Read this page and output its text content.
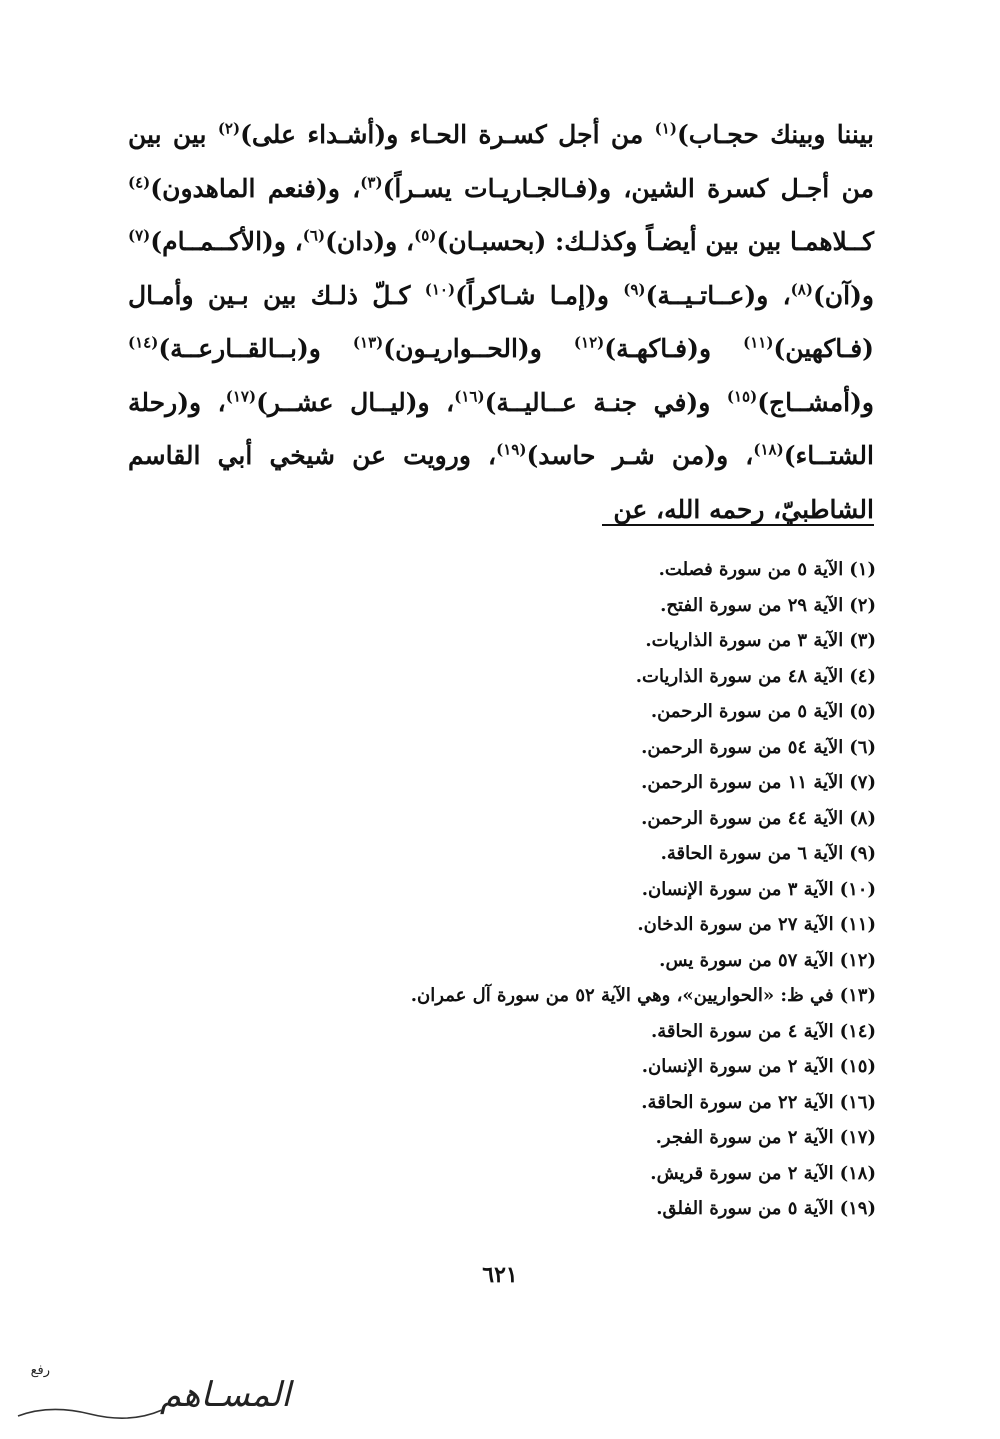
بيننا وبينك حجـاب)$^{(١)}$ من أجل كسـرة الحـاء و(أشـداء على)$^{(٢)}$ بين بين من أجـل كسرة الشين، و(فـالجـاريـات يسـراً)$^{(٣)}$، و(فنعم الماهدون)$^{(٤)}$ كــلاهمـا بين بين أيضـاً وكذلـك: (بحسبـان)$^{(٥)}$، و(دان)$^{(٦)}$، و(الأكــمــام)$^{(٧)}$ و(آن)$^{(٨)}$، و(عــاتـيــة)$^{(٩)}$ و(إمـا شـاكراً)$^{(١٠)}$ كـلّ ذلـك بين بـين وأمـال (فـاكهين)$^{(١١)}$ و(فـاكهـة)$^{(١٢)}$ و(الحــواريـون)$^{(١٣)}$ و(بــالقــارعــة)$^{(١٤)}$ و(أمشــاج)$^{(١٥)}$ و(في جنـة عــاليــة)$^{(١٦)}$، و(ليــال عشــر)$^{(١٧)}$، و(رحلة الشتــاء)$^{(١٨)}$، و(من شـر حاسد)$^{(١٩)}$، ورويت عن شيخي أبي القاسم الشاطبيّ، رحمه الله، عن
(١)الآية ٥ من سورة فصلت.
(٢)الآية ٢٩ من سورة الفتح.
(٣)الآية ٣ من سورة الذاريات.
(٤)الآية ٤٨ من سورة الذاريات.
(٥)الآية ٥ من سورة الرحمن.
(٦)الآية ٥٤ من سورة الرحمن.
(٧)الآية ١١ من سورة الرحمن.
(٨)الآية ٤٤ من سورة الرحمن.
(٩)الآية ٦ من سورة الحاقة.
(١٠)الآية ٣ من سورة الإنسان.
(١١)الآية ٢٧ من سورة الدخان.
(١٢)الآية ٥٧ من سورة يس.
(١٣)في ظ: «الحواريين»، وهي الآية ٥٢ من سورة آل عمران.
(١٤)الآية ٤ من سورة الحاقة.
(١٥)الآية ٢ من سورة الإنسان.
(١٦)الآية ٢٢ من سورة الحاقة.
(١٧)الآية ٢ من سورة الفجر.
(١٨)الآية ٢ من سورة قريش.
(١٩)الآية ٥ من سورة الفلق.
٦٢١
رفع
المسـاهم
